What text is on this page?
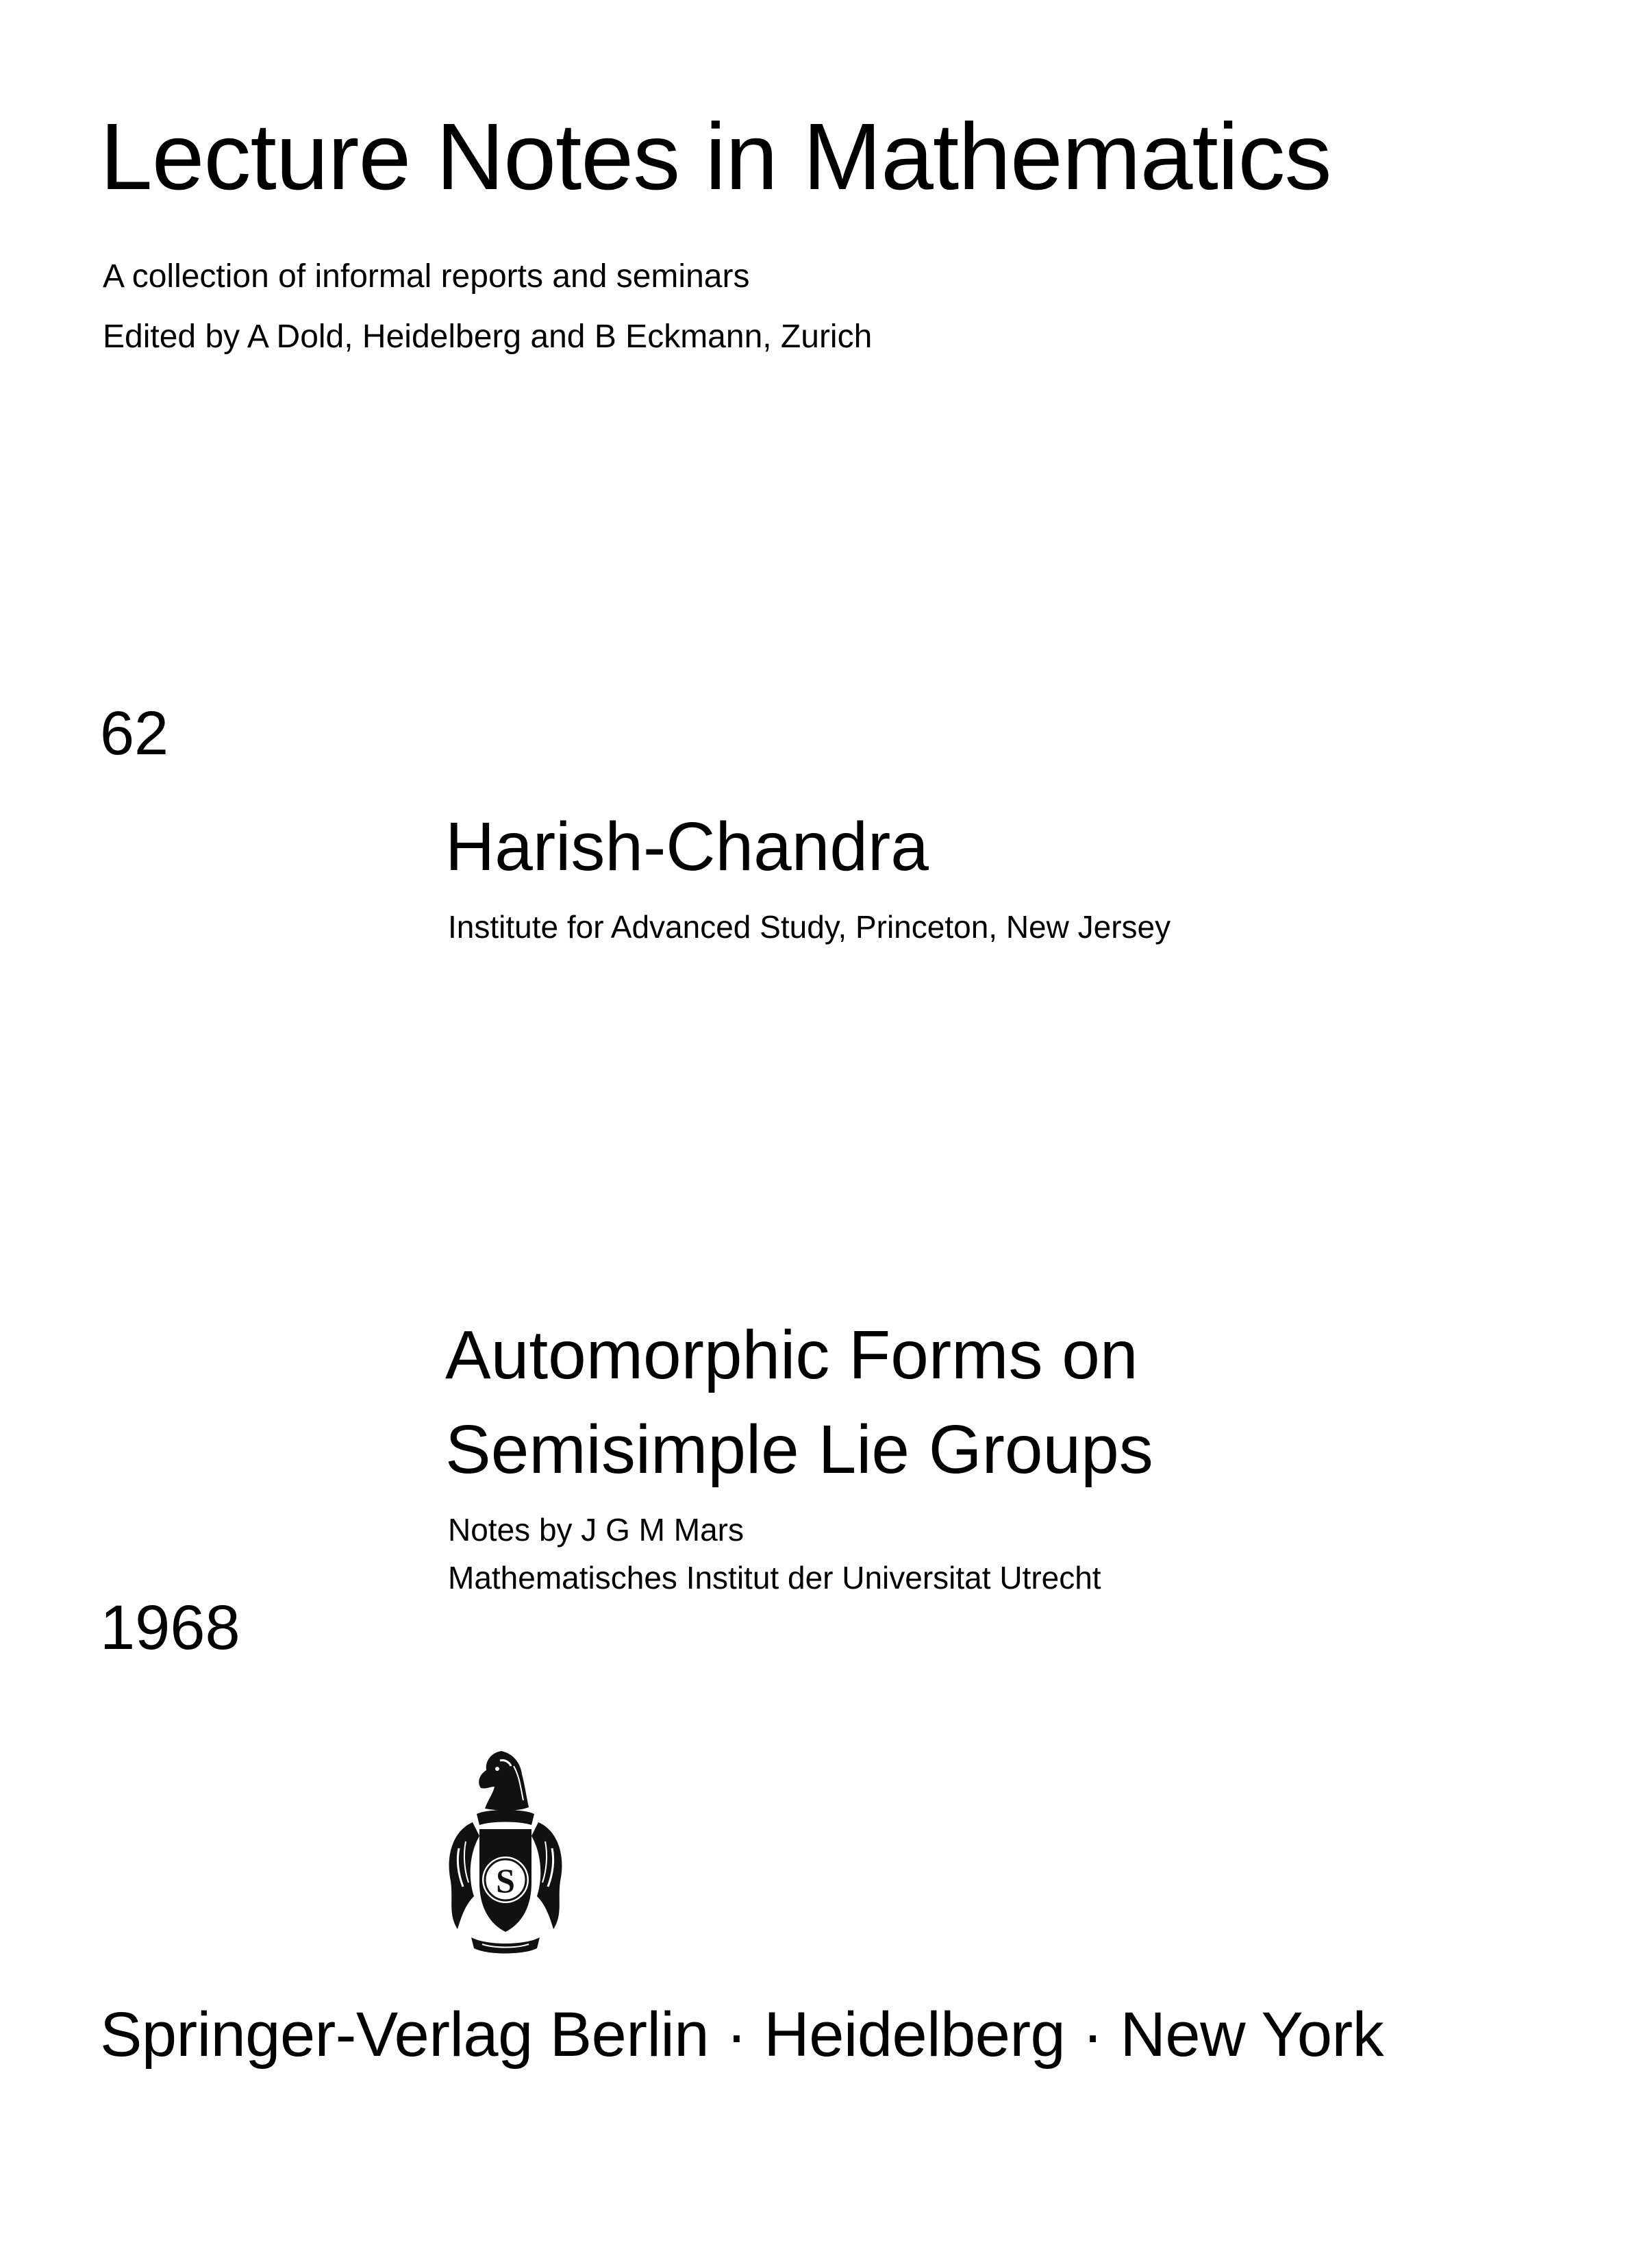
Lecture Notes in Mathematics
A collection of informal reports and seminars
Edited by A Dold, Heidelberg and B Eckmann, Zurich
62
Harish-Chandra
Institute for Advanced Study, Princeton, New Jersey
Automorphic Forms on
Semisimple Lie Groups
Notes by J G M Mars
Mathematisches Institut der Universitat Utrecht
1968
S
Springer-Verlag Berlin · Heidelberg · New York
